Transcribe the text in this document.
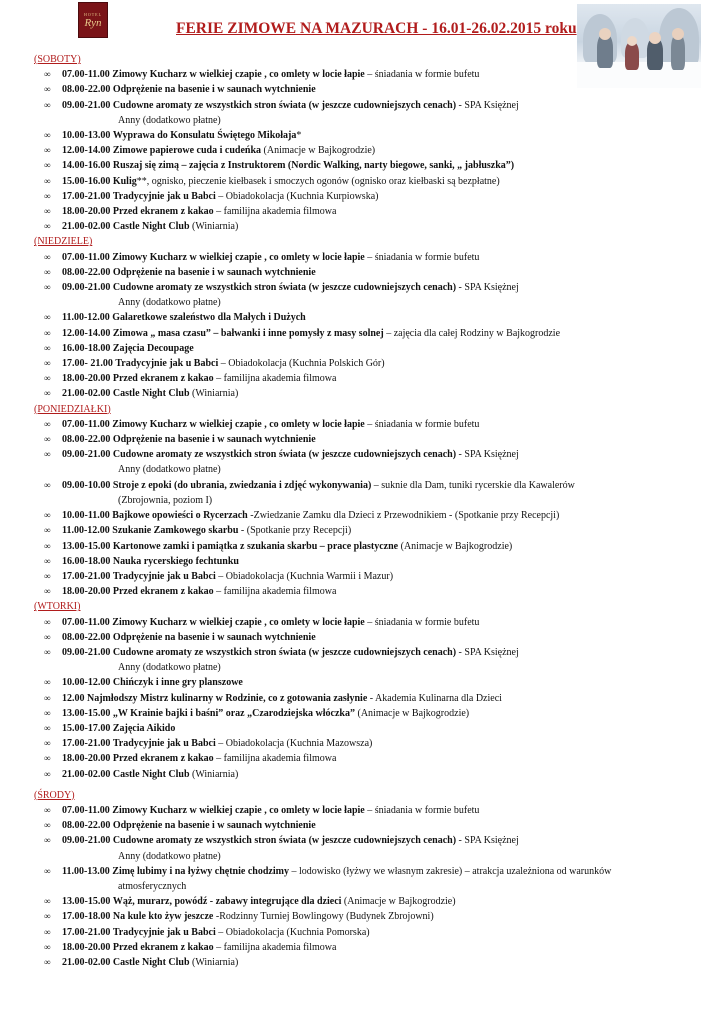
HOTEL
Ryn	FERIE ZIMOWE NA MAZURACH - 16.01-26.02.2015 roku
(SOBOTY)
∞	07.00-11.00 Zimowy Kucharz w wielkiej czapie , co omlety w locie łapie – śniadania w formie bufetu
∞	08.00-22.00 Odprężenie na basenie i w saunach wytchnienie
∞	09.00-21.00 Cudowne aromaty ze wszystkich stron świata (w jeszcze cudowniejszych cenach) - SPA Księżnej
Anny (dodatkowo płatne)
∞	10.00-13.00 Wyprawa do Konsulatu Świętego Mikołaja*
∞	12.00-14.00 Zimowe papierowe cuda i cudeńka (Animacje w Bajkogrodzie)
∞	14.00-16.00 Ruszaj się zimą – zajęcia z Instruktorem (Nordic Walking, narty biegowe, sanki, „ jabłuszka”)
∞	15.00-16.00 Kulig**, ognisko, pieczenie kiełbasek i smoczych ogonów (ognisko oraz kiełbaski są bezpłatne)
∞	17.00-21.00 Tradycyjnie jak u Babci – Obiadokolacja (Kuchnia Kurpiowska)
∞	18.00-20.00 Przed ekranem z kakao – familijna akademia filmowa
∞	21.00-02.00 Castle Night Club (Winiarnia)
(NIEDZIELE)
∞	07.00-11.00 Zimowy Kucharz w wielkiej czapie , co omlety w locie łapie – śniadania w formie bufetu
∞	08.00-22.00 Odprężenie na basenie i w saunach wytchnienie
∞	09.00-21.00 Cudowne aromaty ze wszystkich stron świata (w jeszcze cudowniejszych cenach) - SPA Księżnej
Anny (dodatkowo płatne)
∞	11.00-12.00 Galaretkowe szaleństwo dla Małych i Dużych
∞	12.00-14.00 Zimowa „ masa czasu” – bałwanki i inne pomysły z masy solnej – zajęcia dla całej Rodziny w Bajkogrodzie
∞	16.00-18.00 Zajęcia Decoupage
∞	17.00- 21.00 Tradycyjnie jak u Babci – Obiadokolacja (Kuchnia Polskich Gór)
∞	18.00-20.00 Przed ekranem z kakao – familijna akademia filmowa
∞	21.00-02.00 Castle Night Club (Winiarnia)
(PONIEDZIAŁKI)
∞	07.00-11.00 Zimowy Kucharz w wielkiej czapie , co omlety w locie łapie – śniadania w formie bufetu
∞	08.00-22.00 Odprężenie na basenie i w saunach wytchnienie
∞	09.00-21.00 Cudowne aromaty ze wszystkich stron świata (w jeszcze cudowniejszych cenach) - SPA Księżnej
Anny (dodatkowo płatne)
∞	09.00-10.00 Stroje z epoki (do ubrania, zwiedzania i zdjęć wykonywania) – suknie dla Dam, tuniki rycerskie dla Kawalerów
(Zbrojownia, poziom I)
∞	10.00-11.00 Bajkowe opowieści o Rycerzach -Zwiedzanie Zamku dla Dzieci z Przewodnikiem - (Spotkanie przy Recepcji)
∞	11.00-12.00 Szukanie Zamkowego skarbu - (Spotkanie przy Recepcji)
∞	13.00-15.00 Kartonowe zamki i pamiątka z szukania skarbu – prace plastyczne (Animacje w Bajkogrodzie)
∞	16.00-18.00 Nauka rycerskiego fechtunku
∞	17.00-21.00 Tradycyjnie jak u Babci – Obiadokolacja (Kuchnia Warmii i Mazur)
∞	18.00-20.00 Przed ekranem z kakao – familijna akademia filmowa
(WTORKI)
∞	07.00-11.00 Zimowy Kucharz w wielkiej czapie , co omlety w locie łapie – śniadania w formie bufetu
∞	08.00-22.00 Odprężenie na basenie i w saunach wytchnienie
∞	09.00-21.00 Cudowne aromaty ze wszystkich stron świata (w jeszcze cudowniejszych cenach) - SPA Księżnej
Anny (dodatkowo płatne)
∞	10.00-12.00 Chińczyk i inne gry planszowe
∞	12.00 Najmłodszy Mistrz kulinarny w Rodzinie, co z gotowania zasłynie - Akademia Kulinarna dla Dzieci
∞	13.00-15.00 „W Krainie bajki i baśni” oraz „Czarodziejska włóczka” (Animacje w Bajkogrodzie)
∞	15.00-17.00 Zajęcia Aikido
∞	17.00-21.00 Tradycyjnie jak u Babci – Obiadokolacja (Kuchnia Mazowsza)
∞	18.00-20.00 Przed ekranem z kakao – familijna akademia filmowa
∞	21.00-02.00 Castle Night Club (Winiarnia)
(ŚRODY)
∞	07.00-11.00 Zimowy Kucharz w wielkiej czapie , co omlety w locie łapie – śniadania w formie bufetu
∞	08.00-22.00 Odprężenie na basenie i w saunach wytchnienie
∞	09.00-21.00 Cudowne aromaty ze wszystkich stron świata (w jeszcze cudowniejszych cenach) - SPA Księżnej
Anny (dodatkowo płatne)
∞	11.00-13.00 Zimę lubimy i na łyżwy chętnie chodzimy – lodowisko (łyżwy we własnym zakresie) – atrakcja uzależniona od warunków
atmosferycznych
∞	13.00-15.00 Wąż, murarz, powódź - zabawy integrujące dla dzieci (Animacje w Bajkogrodzie)
∞	17.00-18.00 Na kule kto żyw jeszcze -Rodzinny Turniej Bowlingowy (Budynek Zbrojowni)
∞	17.00-21.00 Tradycyjnie jak u Babci – Obiadokolacja (Kuchnia Pomorska)
∞	18.00-20.00 Przed ekranem z kakao – familijna akademia filmowa
∞	21.00-02.00 Castle Night Club (Winiarnia)
